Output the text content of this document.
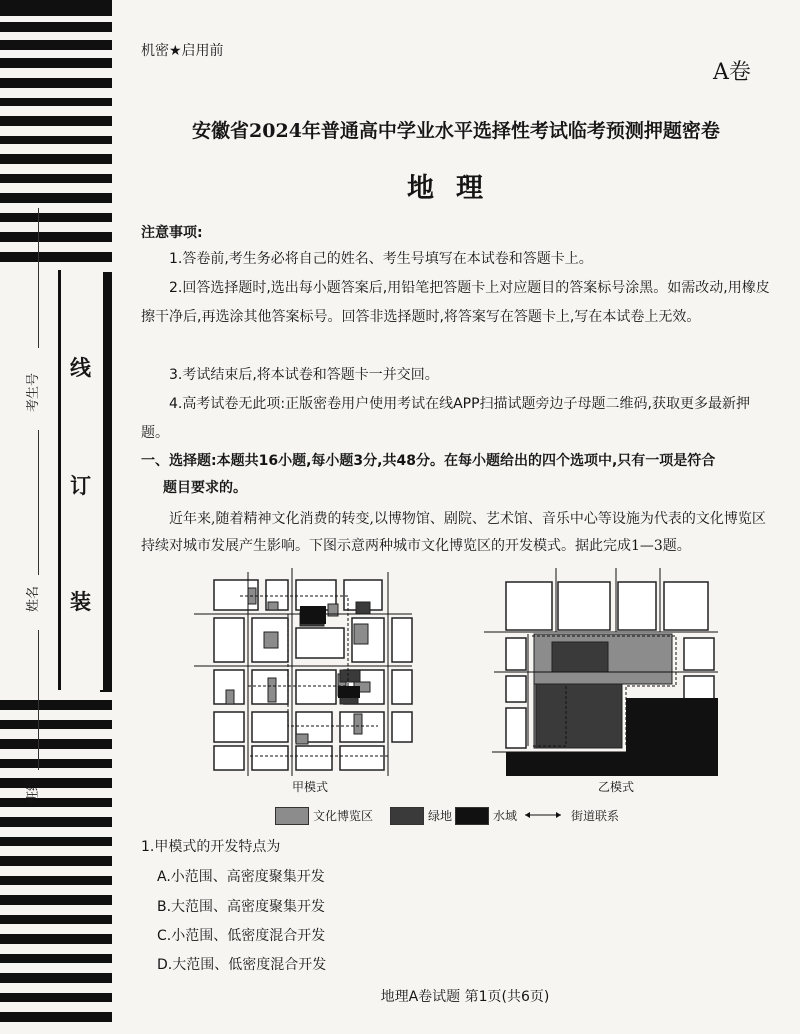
线
订
装
考生号
姓名
班级
机密★启用前
A卷
安徽省2024年普通高中学业水平选择性考试临考预测押题密卷
地理
注意事项:

1.答卷前,考生务必将自己的姓名、考生号填写在本试卷和答题卡上。

2.回答选择题时,选出每小题答案后,用铅笔把答题卡上对应题目的答案标号涂黑。如需改动,用橡皮擦干净后,再选涂其他答案标号。回答非选择题时,将答案写在答题卡上,写在本试卷上无效。

3.考试结束后,将本试卷和答题卡一并交回。

4.高考试卷无此项:正版密卷用户使用考试在线APP扫描试题旁边子母题二维码,获取更多最新押题。

一、选择题:本题共16小题,每小题3分,共48分。在每小题给出的四个选项中,只有一项是符合
题目要求的。

近年来,随着精神文化消费的转变,以博物馆、剧院、艺术馆、音乐中心等设施为代表的文化博览区持续对城市发展产生影响。下图示意两种城市文化博览区的开发模式。据此完成1—3题。

甲模式	乙模式
文化博览区	绿地	水域	街道联系
1.甲模式的开发特点为
A.小范围、高密度聚集开发
B.大范围、高密度聚集开发
C.小范围、低密度混合开发
D.大范围、低密度混合开发
地理A卷试题 第1页(共6页)
